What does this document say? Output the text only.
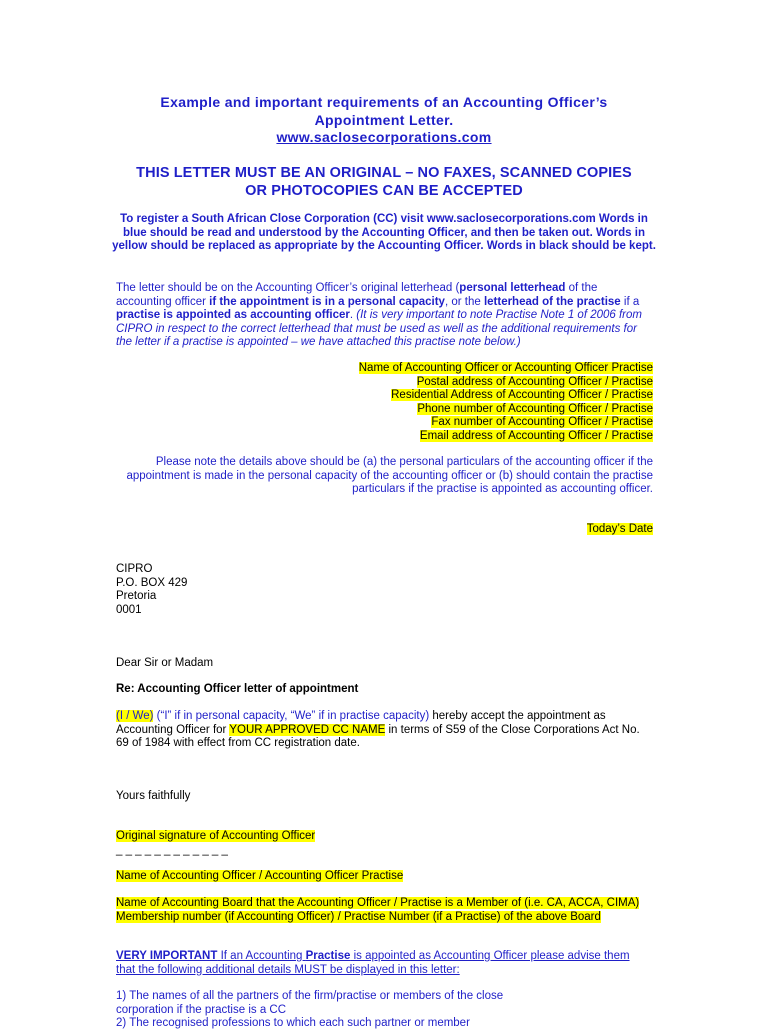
Example and important requirements of an Accounting Officer’s
Appointment Letter.
www.saclosecorporations.com
THIS LETTER MUST BE AN ORIGINAL – NO FAXES, SCANNED COPIES
OR PHOTOCOPIES CAN BE ACCEPTED
To register a South African Close Corporation (CC) visit www.saclosecorporations.com Words in blue should be read and understood by the Accounting Officer, and then be taken out. Words in yellow should be replaced as appropriate by the Accounting Officer. Words in black should be kept.
The letter should be on the Accounting Officer’s original letterhead (personal letterhead of the accounting officer if the appointment is in a personal capacity, or the letterhead of the practise if a practise is appointed as accounting officer. (It is very important to note Practise Note 1 of 2006 from CIPRO in respect to the correct letterhead that must be used as well as the additional requirements for the letter if a practise is appointed – we have attached this practise note below.)
Name of Accounting Officer or Accounting Officer Practise
Postal address of Accounting Officer / Practise
Residential Address of Accounting Officer / Practise
Phone number of Accounting Officer / Practise
Fax number of Accounting Officer / Practise
Email address of Accounting Officer / Practise
Please note the details above should be (a) the personal particulars of the accounting officer if the appointment is made in the personal capacity of the accounting officer or (b) should contain the practise particulars if the practise is appointed as accounting officer.
Today’s Date
CIPRO
P.O. BOX 429
Pretoria
0001
Dear Sir or Madam
Re: Accounting Officer letter of appointment
(I / We) (“I” if in personal capacity, “We” if in practise capacity) hereby accept the appointment as Accounting Officer for YOUR APPROVED CC NAME in terms of S59 of the Close Corporations Act No. 69 of 1984 with effect from CC registration date.
Yours faithfully
Original signature of Accounting Officer
_ _ _ _ _ _ _ _ _ _ _ _
Name of Accounting Officer / Accounting Officer Practise
Name of Accounting Board that the Accounting Officer / Practise is a Member of (i.e. CA, ACCA, CIMA)
Membership number (if Accounting Officer) / Practise Number (if a Practise) of the above Board
VERY IMPORTANT If an Accounting Practise is appointed as Accounting Officer please advise them that the following additional details MUST be displayed in this letter:
1) The names of all the partners of the firm/practise or members of the close corporation if the practise is a CC
2) The recognised professions to which each such partner or member
